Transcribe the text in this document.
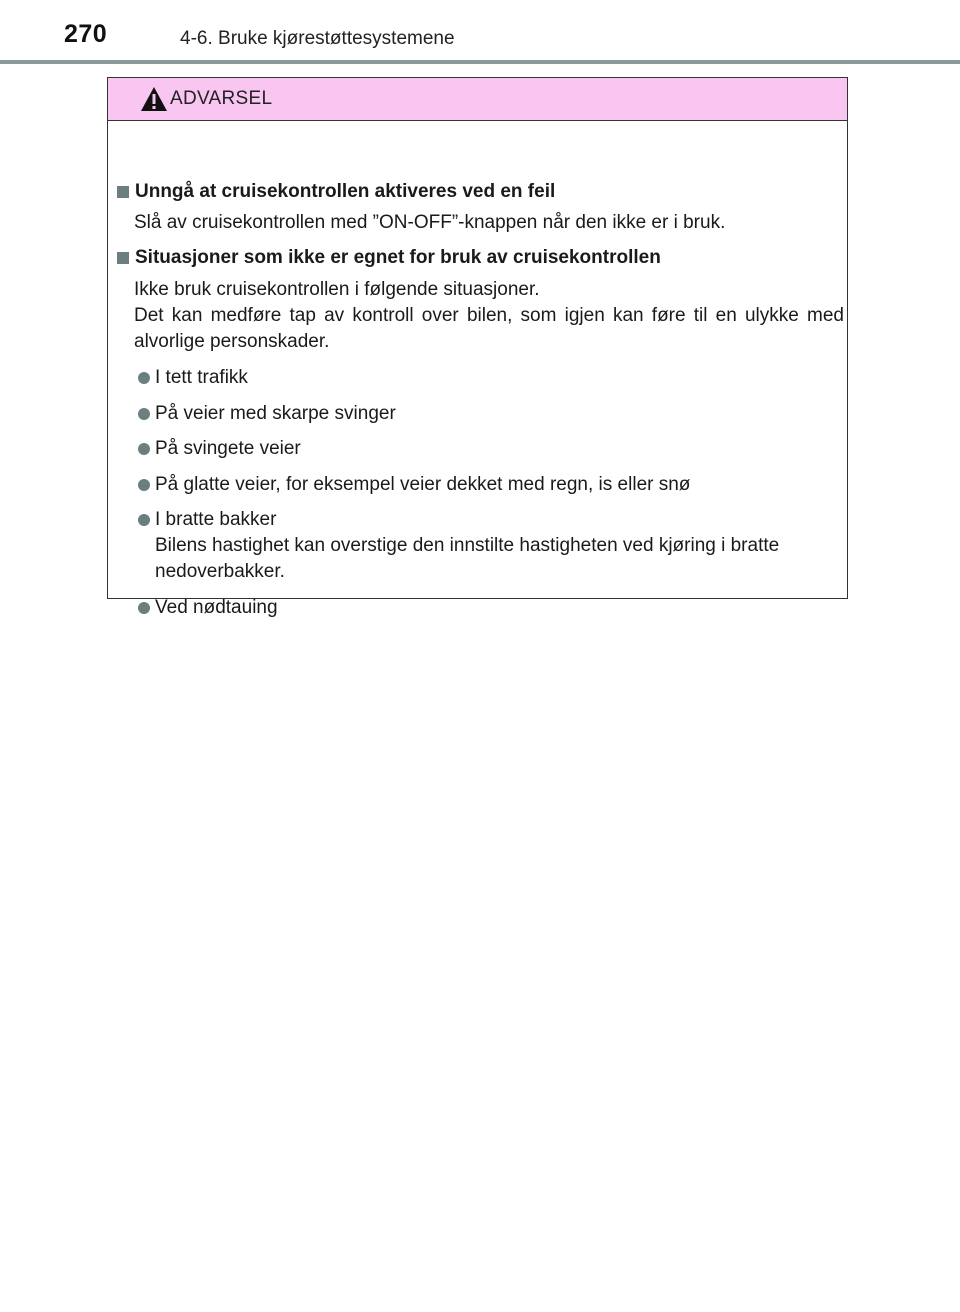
270	4-6. Bruke kjørestøttesystemene
ADVARSEL
Unngå at cruisekontrollen aktiveres ved en feil
Slå av cruisekontrollen med ”ON-OFF”-knappen når den ikke er i bruk.
Situasjoner som ikke er egnet for bruk av cruisekontrollen
Ikke bruk cruisekontrollen i følgende situasjoner.
Det kan medføre tap av kontroll over bilen, som igjen kan føre til en ulykke med alvorlige personskader.
I tett trafikk
På veier med skarpe svinger
På svingete veier
På glatte veier, for eksempel veier dekket med regn, is eller snø
I bratte bakker
Bilens hastighet kan overstige den innstilte hastigheten ved kjøring i bratte nedoverbakker.
Ved nødtauing
